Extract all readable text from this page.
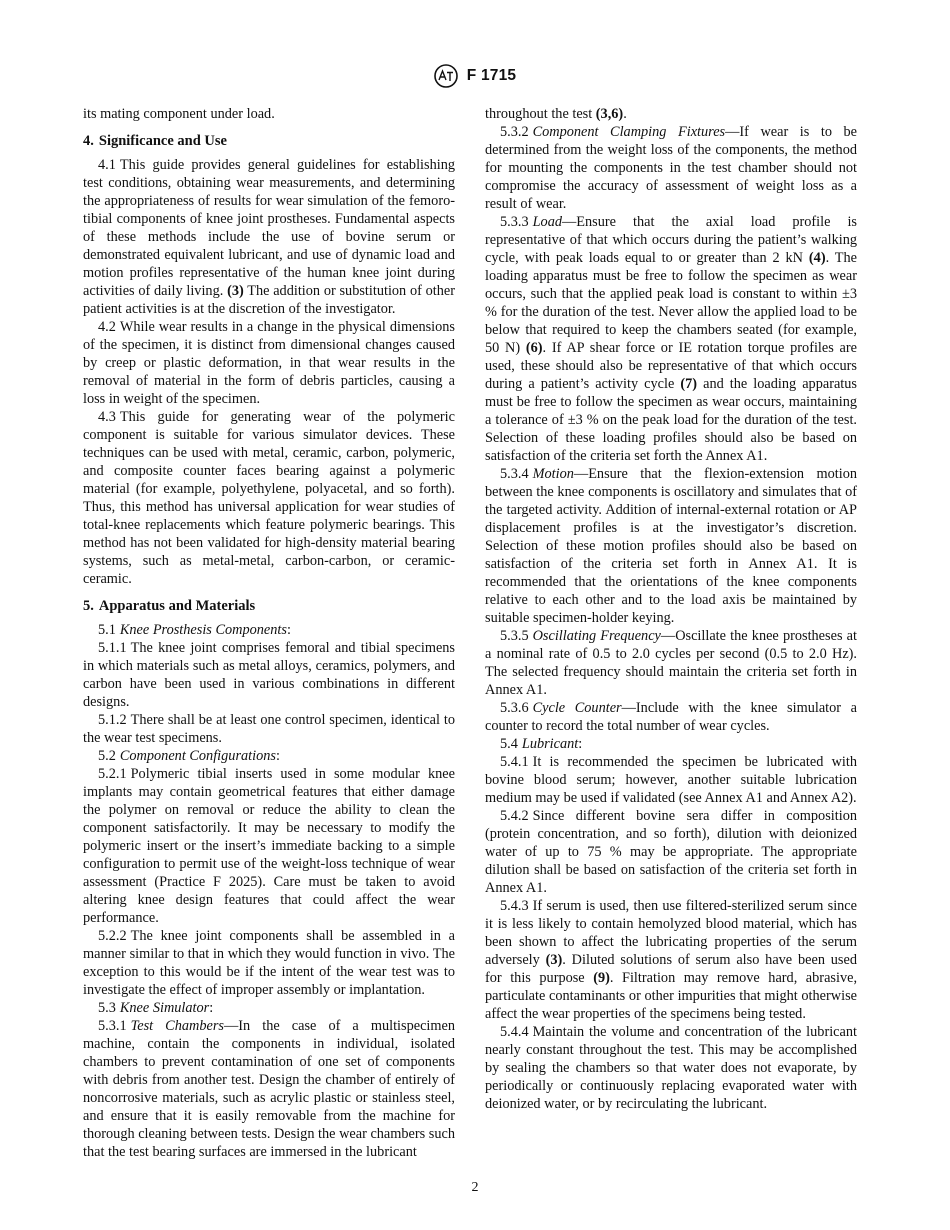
F 1715

its mating component under load.

4. Significance and Use

4.1 This guide provides general guidelines for establishing test conditions, obtaining wear measurements, and determining the appropriateness of results for wear simulation of the femoro-tibial components of knee joint prostheses. Fundamental aspects of these methods include the use of bovine serum or demonstrated equivalent lubricant, and use of dynamic load and motion profiles representative of the human knee joint during activities of daily living. (3) The addition or substitution of other patient activities is at the discretion of the investigator.

4.2 While wear results in a change in the physical dimensions of the specimen, it is distinct from dimensional changes caused by creep or plastic deformation, in that wear results in the removal of material in the form of debris particles, causing a loss in weight of the specimen.

4.3 This guide for generating wear of the polymeric component is suitable for various simulator devices. These techniques can be used with metal, ceramic, carbon, polymeric, and composite counter faces bearing against a polymeric material (for example, polyethylene, polyacetal, and so forth). Thus, this method has universal application for wear studies of total-knee replacements which feature polymeric bearings. This method has not been validated for high-density material bearing systems, such as metal-metal, carbon-carbon, or ceramic-ceramic.

5. Apparatus and Materials

5.1 Knee Prosthesis Components:

5.1.1 The knee joint comprises femoral and tibial specimens in which materials such as metal alloys, ceramics, polymers, and carbon have been used in various combinations in different designs.

5.1.2 There shall be at least one control specimen, identical to the wear test specimens.

5.2 Component Configurations:

5.2.1 Polymeric tibial inserts used in some modular knee implants may contain geometrical features that either damage the polymer on removal or reduce the ability to clean the component satisfactorily. It may be necessary to modify the polymeric insert or the insert’s immediate backing to a simple configuration to permit use of the weight-loss technique of wear assessment (Practice F 2025). Care must be taken to avoid altering knee design features that could affect the wear performance.

5.2.2 The knee joint components shall be assembled in a manner similar to that in which they would function in vivo. The exception to this would be if the intent of the wear test was to investigate the effect of improper assembly or implantation.

5.3 Knee Simulator:

5.3.1 Test Chambers—In the case of a multispecimen machine, contain the components in individual, isolated chambers to prevent contamination of one set of components with debris from another test. Design the chamber of entirely of noncorrosive materials, such as acrylic plastic or stainless steel, and ensure that it is easily removable from the machine for thorough cleaning between tests. Design the wear chambers such that the test bearing surfaces are immersed in the lubricant

throughout the test (3,6).

5.3.2 Component Clamping Fixtures—If wear is to be determined from the weight loss of the components, the method for mounting the components in the test chamber should not compromise the accuracy of assessment of weight loss as a result of wear.

5.3.3 Load—Ensure that the axial load profile is representative of that which occurs during the patient’s walking cycle, with peak loads equal to or greater than 2 kN (4). The loading apparatus must be free to follow the specimen as wear occurs, such that the applied peak load is constant to within ±3 % for the duration of the test. Never allow the applied load to be below that required to keep the chambers seated (for example, 50 N) (6). If AP shear force or IE rotation torque profiles are used, these should also be representative of that which occurs during a patient’s activity cycle (7) and the loading apparatus must be free to follow the specimen as wear occurs, maintaining a tolerance of ±3 % on the peak load for the duration of the test. Selection of these loading profiles should also be based on satisfaction of the criteria set forth the Annex A1.

5.3.4 Motion—Ensure that the flexion-extension motion between the knee components is oscillatory and simulates that of the targeted activity. Addition of internal-external rotation or AP displacement profiles is at the investigator’s discretion. Selection of these motion profiles should also be based on satisfaction of the criteria set forth in Annex A1. It is recommended that the orientations of the knee components relative to each other and to the load axis be maintained by suitable specimen-holder keying.

5.3.5 Oscillating Frequency—Oscillate the knee prostheses at a nominal rate of 0.5 to 2.0 cycles per second (0.5 to 2.0 Hz). The selected frequency should maintain the criteria set forth in Annex A1.

5.3.6 Cycle Counter—Include with the knee simulator a counter to record the total number of wear cycles.

5.4 Lubricant:

5.4.1 It is recommended the specimen be lubricated with bovine blood serum; however, another suitable lubrication medium may be used if validated (see Annex A1 and Annex A2).

5.4.2 Since different bovine sera differ in composition (protein concentration, and so forth), dilution with deionized water of up to 75 % may be appropriate. The appropriate dilution shall be based on satisfaction of the criteria set forth in Annex A1.

5.4.3 If serum is used, then use filtered-sterilized serum since it is less likely to contain hemolyzed blood material, which has been shown to affect the lubricating properties of the serum adversely (3). Diluted solutions of serum also have been used for this purpose (9). Filtration may remove hard, abrasive, particulate contaminants or other impurities that might otherwise affect the wear properties of the specimens being tested.

5.4.4 Maintain the volume and concentration of the lubricant nearly constant throughout the test. This may be accomplished by sealing the chambers so that water does not evaporate, by periodically or continuously replacing evaporated water with deionized water, or by recirculating the lubricant.

2
